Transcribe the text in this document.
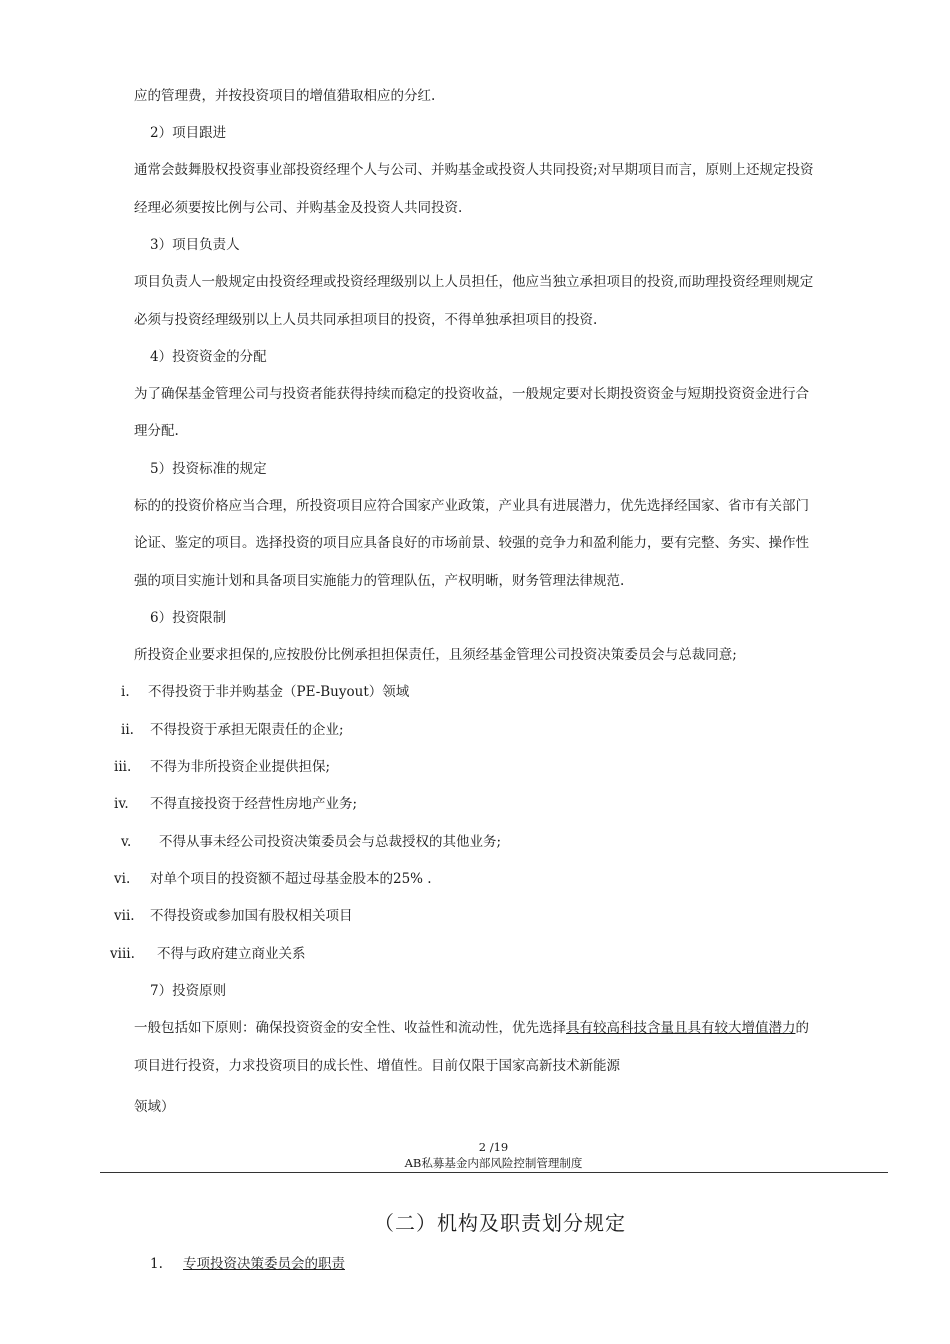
应的管理费，并按投资项目的增值猎取相应的分红.
2）项目跟进
通常会鼓舞股权投资事业部投资经理个人与公司、并购基金或投资人共同投资;对早期项目而言，原则上还规定投资
经理必须要按比例与公司、并购基金及投资人共同投资.
3）项目负责人
项目负责人一般规定由投资经理或投资经理级别以上人员担任，他应当独立承担项目的投资,而助理投资经理则规定
必须与投资经理级别以上人员共同承担项目的投资，不得单独承担项目的投资.
4）投资资金的分配
为了确保基金管理公司与投资者能获得持续而稳定的投资收益，一般规定要对长期投资资金与短期投资资金进行合
理分配.
5）投资标准的规定
标的的投资价格应当合理，所投资项目应符合国家产业政策，产业具有进展潜力，优先选择经国家、省市有关部门
论证、鉴定的项目。选择投资的项目应具备良好的市场前景、较强的竞争力和盈利能力，要有完整、务实、操作性
强的项目实施计划和具备项目实施能力的管理队伍，产权明晰，财务管理法律规范.
6）投资限制
所投资企业要求担保的,应按股份比例承担担保责任，且须经基金管理公司投资决策委员会与总裁同意;
i. 不得投资于非并购基金（PE-Buyout）领域
ii. 不得投资于承担无限责任的企业;
iii. 不得为非所投资企业提供担保;
iv. 不得直接投资于经营性房地产业务;
v. 不得从事未经公司投资决策委员会与总裁授权的其他业务;
vi. 对单个项目的投资额不超过母基金股本的25% .
vii. 不得投资或参加国有股权相关项目
viii. 不得与政府建立商业关系
7）投资原则
一般包括如下原则：确保投资资金的安全性、收益性和流动性，优先选择具有较高科技含量且具有较大增值潜力的
项目进行投资，力求投资项目的成长性、增值性。目前仅限于国家高新技术新能源
领域）
2 /19
AB私募基金内部风险控制管理制度
（二）机构及职责划分规定
1. 专项投资决策委员会的职责
